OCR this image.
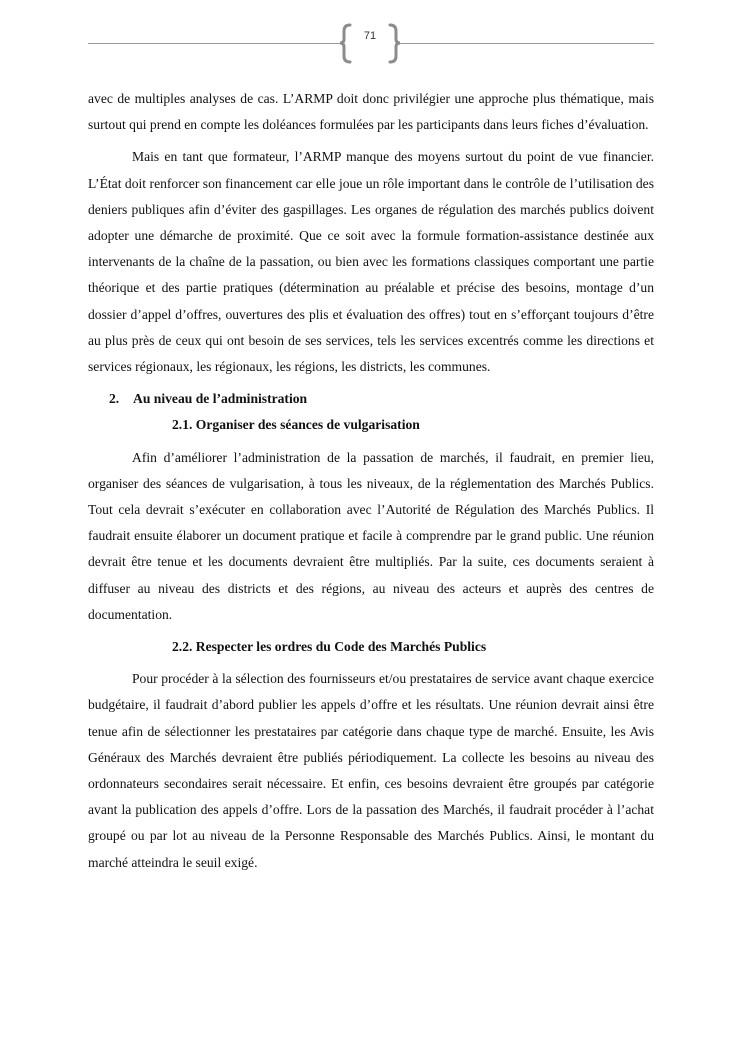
71

avec de multiples analyses de cas. L’ARMP doit donc privilégier une approche plus thématique, mais surtout qui prend en compte les doléances formulées par les participants dans leurs fiches d’évaluation.

Mais en tant que formateur, l’ARMP manque des moyens surtout du point de vue financier. L’État doit renforcer son financement car elle joue un rôle important dans le contrôle de l’utilisation des deniers publiques afin d’éviter des gaspillages. Les organes de régulation des marchés publics doivent adopter une démarche de proximité. Que ce soit avec la formule formation-assistance destinée aux intervenants de la chaîne de la passation, ou bien avec les formations classiques comportant une partie théorique et des partie pratiques (détermination au préalable et précise des besoins, montage d’un dossier d’appel d’offres, ouvertures des plis et évaluation des offres) tout en s’efforçant toujours d’être au plus près de ceux qui ont besoin de ses services, tels les services excentrés comme les directions et services régionaux, les régionaux, les régions, les districts, les communes.

2. Au niveau de l’administration
2.1. Organiser des séances de vulgarisation

Afin d’améliorer l’administration de la passation de marchés, il faudrait, en premier lieu, organiser des séances de vulgarisation, à tous les niveaux, de la réglementation des Marchés Publics. Tout cela devrait s’exécuter en collaboration avec l’Autorité de Régulation des Marchés Publics. Il faudrait ensuite élaborer un document pratique et facile à comprendre par le grand public. Une réunion devrait être tenue et les documents devraient être multipliés. Par la suite, ces documents seraient à diffuser au niveau des districts et des régions, au niveau des acteurs et auprès des centres de documentation.

2.2. Respecter les ordres du Code des Marchés Publics

Pour procéder à la sélection des fournisseurs et/ou prestataires de service avant chaque exercice budgétaire, il faudrait d’abord publier les appels d’offre et les résultats. Une réunion devrait ainsi être tenue afin de sélectionner les prestataires par catégorie dans chaque type de marché. Ensuite, les Avis Généraux des Marchés devraient être publiés périodiquement. La collecte les besoins au niveau des ordonnateurs secondaires serait nécessaire. Et enfin, ces besoins devraient être groupés par catégorie avant la publication des appels d’offre. Lors de la passation des Marchés, il faudrait procéder à l’achat groupé ou par lot au niveau de la Personne Responsable des Marchés Publics. Ainsi, le montant du marché atteindra le seuil exigé.
